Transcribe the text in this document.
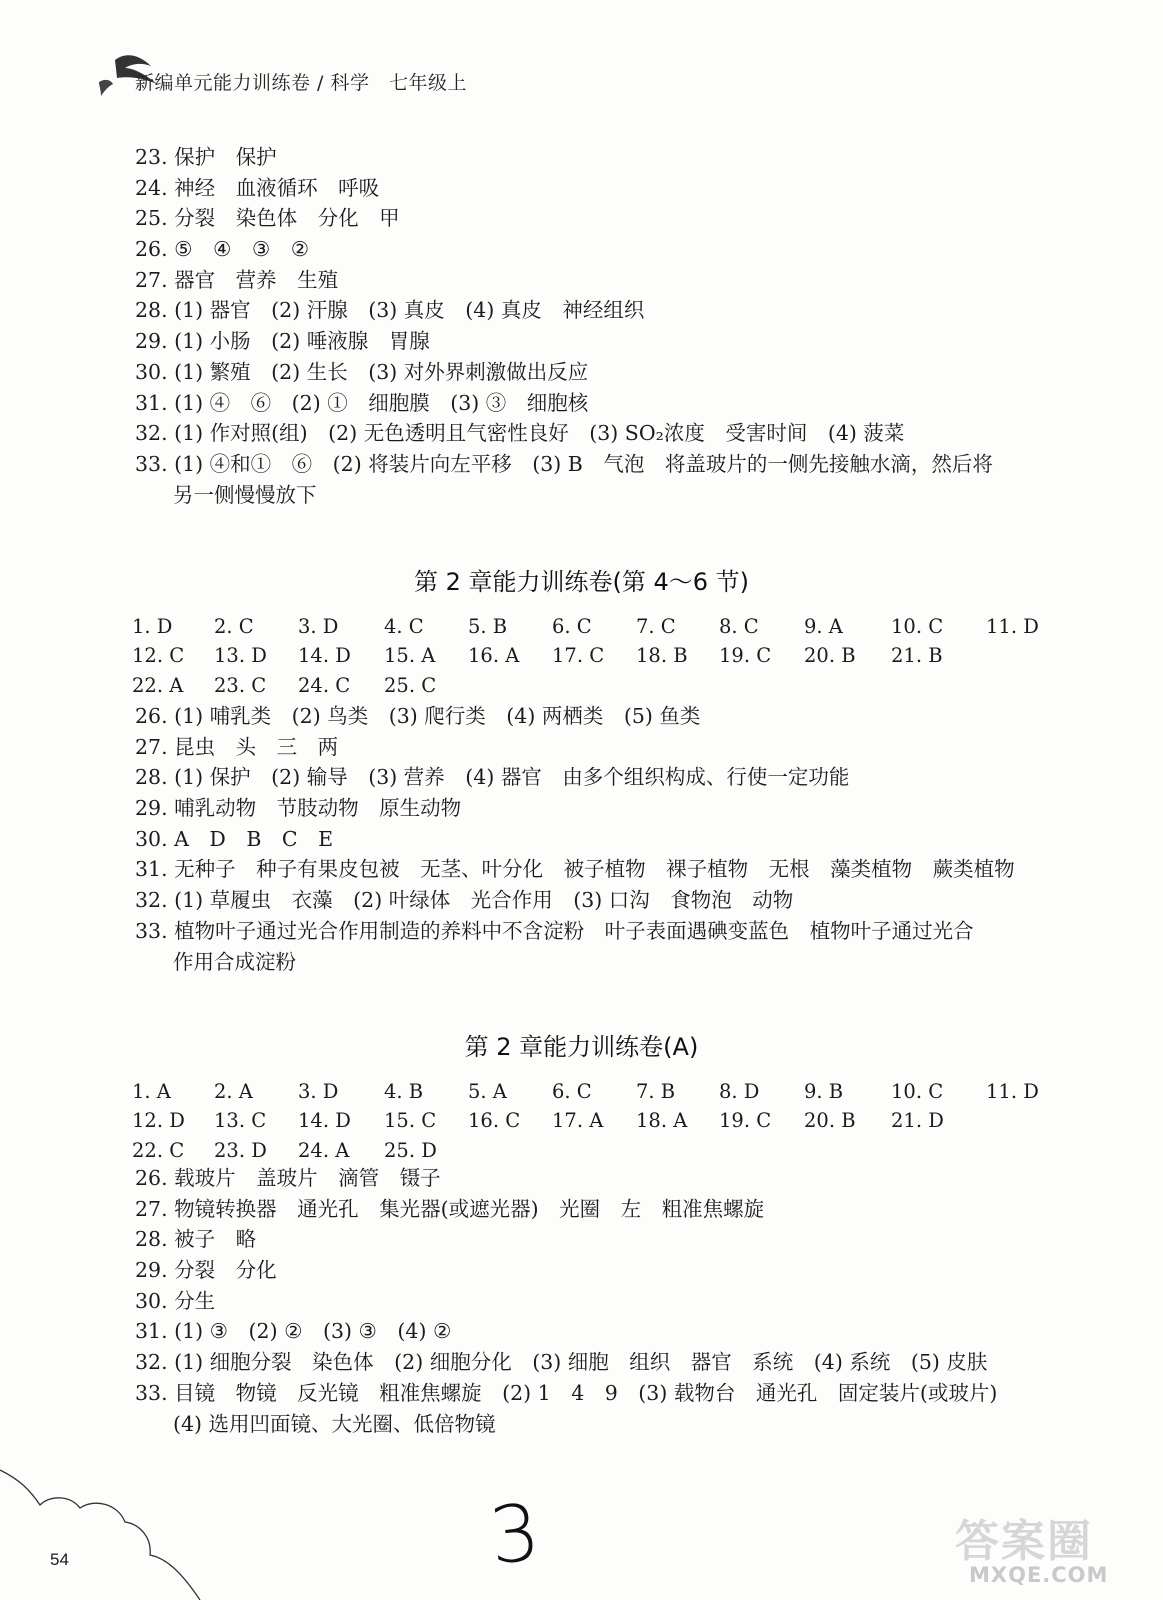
新编单元能力训练卷 / 科学　七年级上
23. 保护　保护
24. 神经　血液循环　呼吸
25. 分裂　染色体　分化　甲
26. ⑤　④　③　②
27. 器官　营养　生殖
28. (1) 器官　(2) 汗腺　(3) 真皮　(4) 真皮　神经组织
29. (1) 小肠　(2) 唾液腺　胃腺
30. (1) 繁殖　(2) 生长　(3) 对外界刺激做出反应
31. (1) ④　⑥　(2) ①　细胞膜　(3) ③　细胞核
32. (1) 作对照(组)　(2) 无色透明且气密性良好　(3) SO₂浓度　受害时间　(4) 菠菜
33. (1) ④和①　⑥　(2) 将装片向左平移　(3) B　气泡　将盖玻片的一侧先接触水滴，然后将
另一侧慢慢放下
第 2 章能力训练卷(第 4～6 节)
1. D	2. C	3. D	4. C	5. B	6. C	7. C	8. C	9. A	10. C	11. D
12. C	13. D	14. D	15. A	16. A	17. C	18. B	19. C	20. B	21. B
22. A	23. C	24. C	25. C
26. (1) 哺乳类　(2) 鸟类　(3) 爬行类　(4) 两栖类　(5) 鱼类
27. 昆虫　头　三　两
28. (1) 保护　(2) 输导　(3) 营养　(4) 器官　由多个组织构成、行使一定功能
29. 哺乳动物　节肢动物　原生动物
30. A　D　B　C　E
31. 无种子　种子有果皮包被　无茎、叶分化　被子植物　裸子植物　无根　藻类植物　蕨类植物
32. (1) 草履虫　衣藻　(2) 叶绿体　光合作用　(3) 口沟　食物泡　动物
33. 植物叶子通过光合作用制造的养料中不含淀粉　叶子表面遇碘变蓝色　植物叶子通过光合
作用合成淀粉
第 2 章能力训练卷(A)
1. A	2. A	3. D	4. B	5. A	6. C	7. B	8. D	9. B	10. C	11. D
12. D	13. C	14. D	15. C	16. C	17. A	18. A	19. C	20. B	21. D
22. C	23. D	24. A	25. D
26. 载玻片　盖玻片　滴管　镊子
27. 物镜转换器　通光孔　集光器(或遮光器)　光圈　左　粗准焦螺旋
28. 被子　略
29. 分裂　分化
30. 分生
31. (1) ③　(2) ②　(3) ③　(4) ②
32. (1) 细胞分裂　染色体　(2) 细胞分化　(3) 细胞　组织　器官　系统　(4) 系统　(5) 皮肤
33. 目镜　物镜　反光镜　粗准焦螺旋　(2) 1　4　9　(3) 载物台　通光孔　固定装片(或玻片)
(4) 选用凹面镜、大光圈、低倍物镜
54	3	答案圈
MXQE.COM
